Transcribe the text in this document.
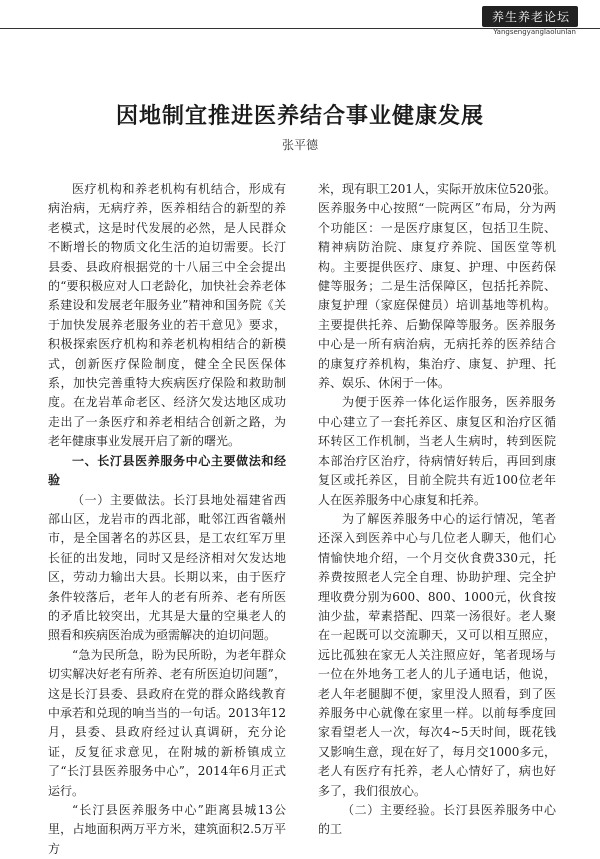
养生养老论坛
Yangsengyanglaolunlan
因地制宜推进医养结合事业健康发展
张平德

医疗机构和养老机构有机结合，形成有病治病，无病疗养，医养相结合的新型的养老模式，这是时代发展的必然，是人民群众不断增长的物质文化生活的迫切需要。长汀县委、县政府根据党的十八届三中全会提出的“要积极应对人口老龄化，加快社会养老体系建设和发展老年服务业”精神和国务院《关于加快发展养老服务业的若干意见》要求，积极探索医疗机构和养老机构相结合的新模式，创新医疗保险制度，健全全民医保体系，加快完善重特大疾病医疗保险和救助制度。在龙岩革命老区、经济欠发达地区成功走出了一条医疗和养老相结合创新之路，为老年健康事业发展开启了新的曙光。

一、长汀县医养服务中心主要做法和经验

（一）主要做法。长汀县地处福建省西部山区，龙岩市的西北部，毗邻江西省赣州市，是全国著名的苏区县，是工农红军万里长征的出发地，同时又是经济相对欠发达地区，劳动力输出大县。长期以来，由于医疗条件较落后，老年人的老有所养、老有所医的矛盾比较突出，尤其是大量的空巢老人的照看和疾病医治成为亟需解决的迫切问题。

“急为民所急，盼为民所盼，为老年群众切实解决好老有所养、老有所医迫切问题”，这是长汀县委、县政府在党的群众路线教育中承若和兑现的响当当的一句话。2013年12月，县委、县政府经过认真调研，充分论证，反复征求意见，在附城的新桥镇成立了“长汀县医养服务中心”，2014年6月正式运行。

“长汀县医养服务中心”距离县城13公里，占地面积两万平方米，建筑面积2.5万平方

米，现有职工201人，实际开放床位520张。医养服务中心按照“一院两区”布局，分为两个功能区：一是医疗康复区，包括卫生院、精神病防治院、康复疗养院、国医堂等机构。主要提供医疗、康复、护理、中医药保健等服务；二是生活保障区，包括托养院、康复护理（家庭保健员）培训基地等机构。主要提供托养、后勤保障等服务。医养服务中心是一所有病治病，无病托养的医养结合的康复疗养机构，集治疗、康复、护理、托养、娱乐、休闲于一体。

为便于医养一体化运作服务，医养服务中心建立了一套托养区、康复区和治疗区循环转区工作机制，当老人生病时，转到医院本部治疗区治疗，待病情好转后，再回到康复区或托养区，目前全院共有近100位老年人在医养服务中心康复和托养。

为了解医养服务中心的运行情况，笔者还深入到医养中心与几位老人聊天，他们心情愉快地介绍，一个月交伙食费330元，托养费按照老人完全自理、协助护理、完全护理收费分别为600、800、1000元，伙食按油少盐，荤素搭配、四菜一汤很好。老人聚在一起既可以交流聊天，又可以相互照应，远比孤独在家无人关注照应好，笔者现场与一位在外地务工老人的儿子通电话，他说，老人年老腿脚不便，家里没人照看，到了医养服务中心就像在家里一样。以前每季度回家看望老人一次，每次4~5天时间，既花钱又影响生意，现在好了，每月交1000多元，老人有医疗有托养，老人心情好了，病也好多了，我们很放心。

（二）主要经验。长汀县医养服务中心的工
